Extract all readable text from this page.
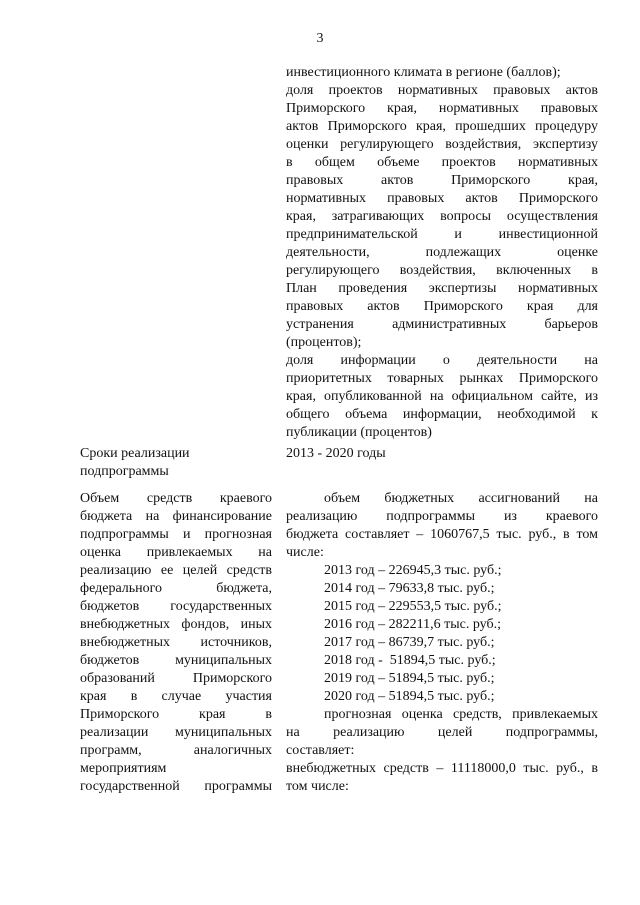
3
инвестиционного климата в регионе (баллов);
доля проектов нормативных правовых актов
Приморского края, нормативных правовых
актов Приморского края, прошедших процедуру
оценки регулирующего воздействия, экспертизу
в общем объеме проектов нормативных
правовых актов Приморского края,
нормативных правовых актов Приморского
края, затрагивающих вопросы осуществления
предпринимательской и инвестиционной
деятельности, подлежащих оценке
регулирующего воздействия, включенных в
План проведения экспертизы нормативных
правовых актов Приморского края для
устранения административных барьеров
(процентов);
доля информации о деятельности на
приоритетных товарных рынках Приморского
края, опубликованной на официальном сайте, из
общего объема информации, необходимой к
публикации (процентов)
Сроки реализации
подпрограммы
2013 - 2020 годы
Объем средств краевого
бюджета на финансирование
подпрограммы и прогнозная
оценка привлекаемых на
реализацию ее целей средств
федерального бюджета,
бюджетов государственных
внебюджетных фондов, иных
внебюджетных источников,
бюджетов муниципальных
образований Приморского
края в случае участия
Приморского края в
реализации муниципальных
программ, аналогичных
мероприятиям
государственной программы
объем бюджетных ассигнований на
реализацию подпрограммы из краевого
бюджета составляет – 1060767,5 тыс. руб., в том
числе:
2013 год – 226945,3 тыс. руб.;
2014 год – 79633,8 тыс. руб.;
2015 год – 229553,5 тыс. руб.;
2016 год – 282211,6 тыс. руб.;
2017 год – 86739,7 тыс. руб.;
2018 год -  51894,5 тыс. руб.;
2019 год – 51894,5 тыс. руб.;
2020 год – 51894,5 тыс. руб.;
прогнозная оценка средств, привлекаемых
на реализацию целей подпрограммы,
составляет:
внебюджетных средств – 11118000,0 тыс. руб., в
том числе:
